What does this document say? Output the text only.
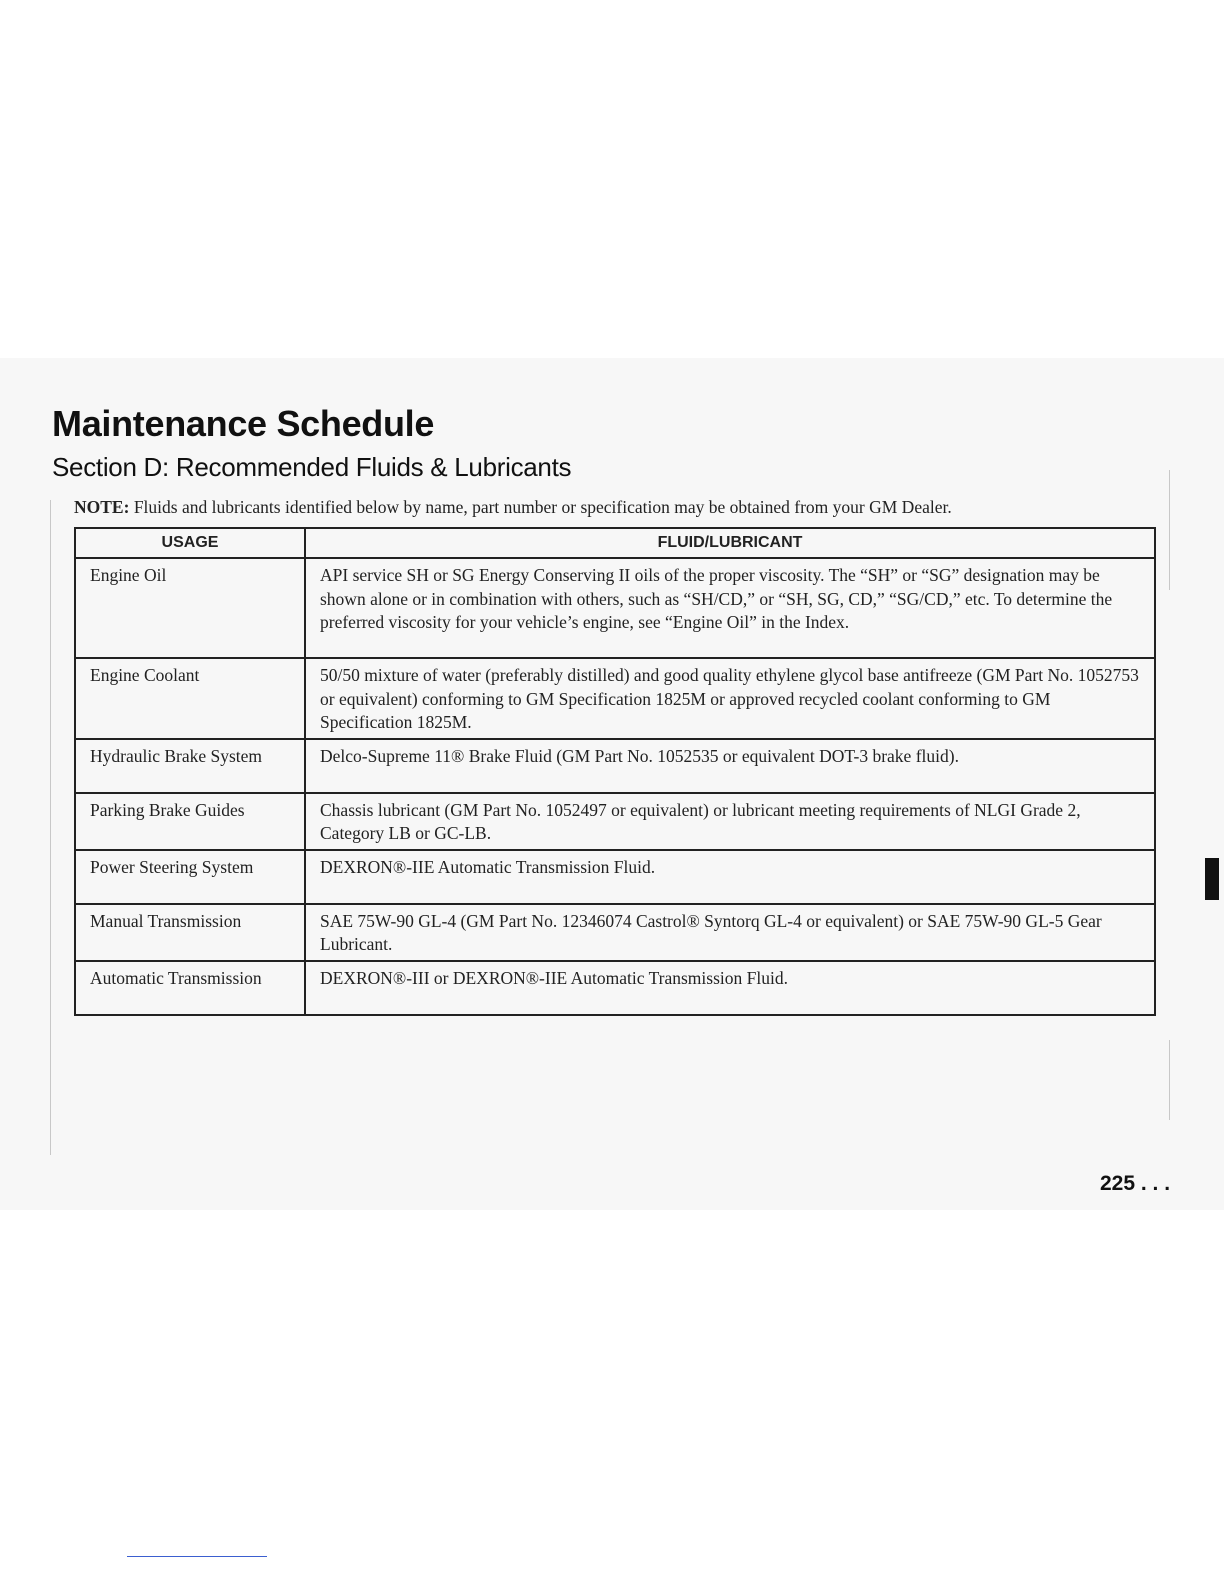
Maintenance Schedule
Section D: Recommended Fluids & Lubricants
NOTE: Fluids and lubricants identified below by name, part number or specification may be obtained from your GM Dealer.
USAGE	FLUID/LUBRICANT
Engine Oil	API service SH or SG Energy Conserving II oils of the proper viscosity. The “SH” or “SG” designation may be shown alone or in combination with others, such as “SH/CD,” or “SH, SG, CD,” “SG/CD,” etc. To determine the preferred viscosity for your vehicle’s engine, see “Engine Oil” in the Index.
Engine Coolant	50/50 mixture of water (preferably distilled) and good quality ethylene glycol base antifreeze (GM Part No. 1052753 or equivalent) conforming to GM Specification 1825M or approved recycled coolant conforming to GM Specification 1825M.
Hydraulic Brake System	Delco-Supreme 11® Brake Fluid (GM Part No. 1052535 or equivalent DOT-3 brake fluid).
Parking Brake Guides	Chassis lubricant (GM Part No. 1052497 or equivalent) or lubricant meeting requirements of NLGI Grade 2, Category LB or GC-LB.
Power Steering System	DEXRON®-IIE Automatic Transmission Fluid.
Manual Transmission	SAE 75W-90 GL-4 (GM Part No. 12346074 Castrol® Syntorq GL-4 or equivalent) or SAE 75W-90 GL-5 Gear Lubricant.
Automatic Transmission	DEXRON®-III or DEXRON®-IIE Automatic Transmission Fluid.
225 . . .
